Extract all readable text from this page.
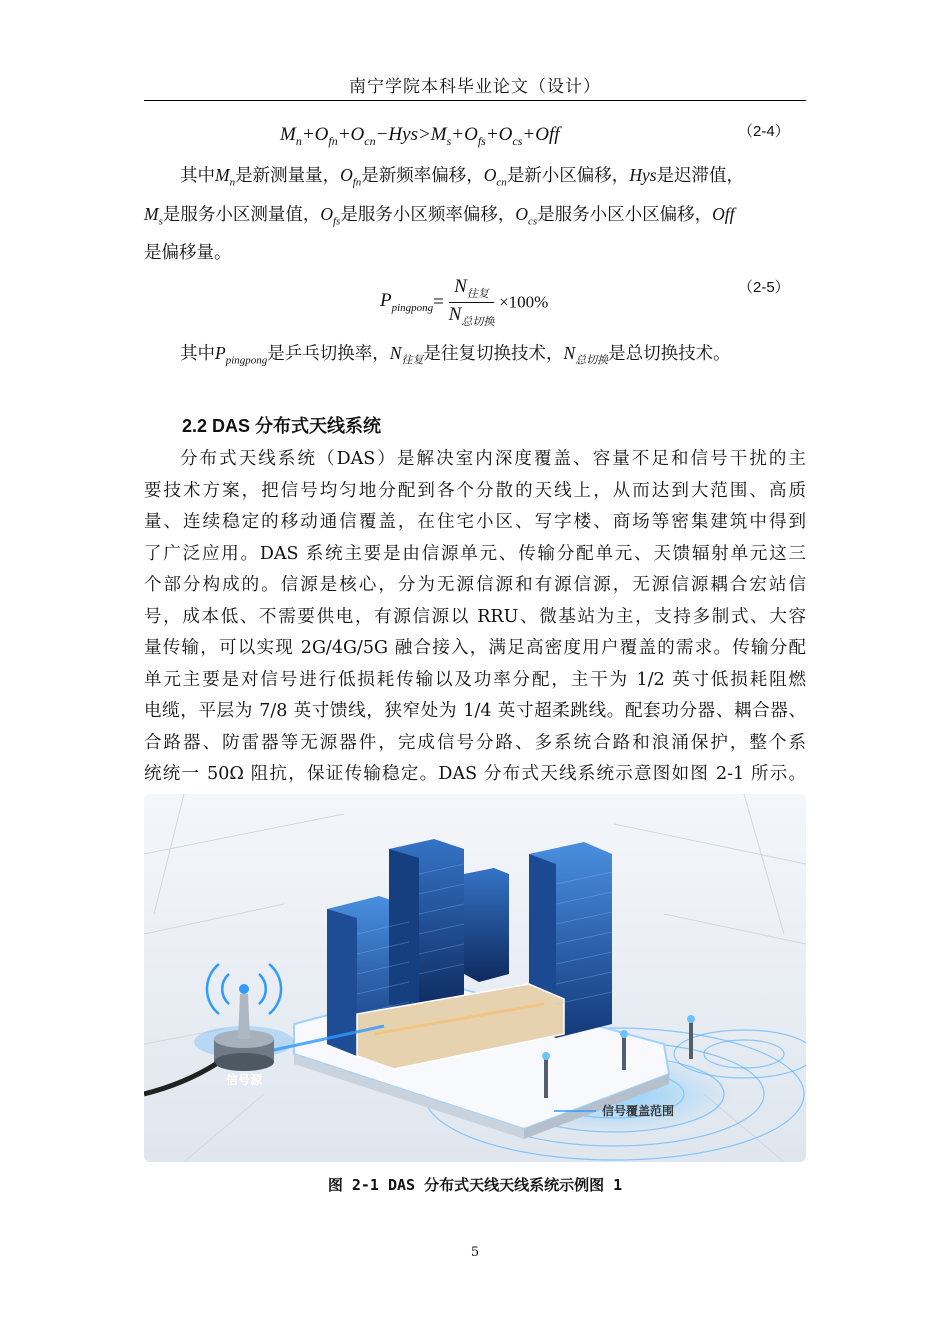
南宁学院本科毕业论文（设计）
$M_n+O_{fn}+O_{cn}-Hys>M_s+O_{fs}+O_{cs}+Off$	（2-4）
其中$M_n$是新测量量，$O_{fn}$是新频率偏移，$O_{cn}$是新小区偏移，Hys是迟滞值，
$M_s$是服务小区测量值，$O_{fs}$是服务小区频率偏移，$O_{cs}$是服务小区小区偏移，Off
是偏移量。
$P_{pingpong}= \frac{N_{往复}}{N_{总切换}} \times 100\%$
（2-5）
其中$P_{pingpong}$是乒乓切换率，$N_{往复}$是往复切换技术，$N_{总切换}$是总切换技术。
2.2 DAS 分布式天线系统
分布式天线系统（DAS）是解决室内深度覆盖、容量不足和信号干扰的主
要技术方案，把信号均匀地分配到各个分散的天线上，从而达到大范围、高质
量、连续稳定的移动通信覆盖，在住宅小区、写字楼、商场等密集建筑中得到
了广泛应用。DAS 系统主要是由信源单元、传输分配单元、天馈辐射单元这三
个部分构成的。信源是核心，分为无源信源和有源信源，无源信源耦合宏站信
号，成本低、不需要供电，有源信源以 RRU、微基站为主，支持多制式、大容
量传输，可以实现 2G/4G/5G 融合接入，满足高密度用户覆盖的需求。传输分配
单元主要是对信号进行低损耗传输以及功率分配，主干为 1/2 英寸低损耗阻燃
电缆，平层为 7/8 英寸馈线，狭窄处为 1/4 英寸超柔跳线。配套功分器、耦合器、
合路器、防雷器等无源器件，完成信号分路、多系统合路和浪涌保护，整个系
统统一 50Ω 阻抗，保证传输稳定。DAS 分布式天线系统示意图如图 2-1 所示。
信号源
信号覆盖范围
图 2-1 DAS 分布式天线天线系统示例图 1
5
